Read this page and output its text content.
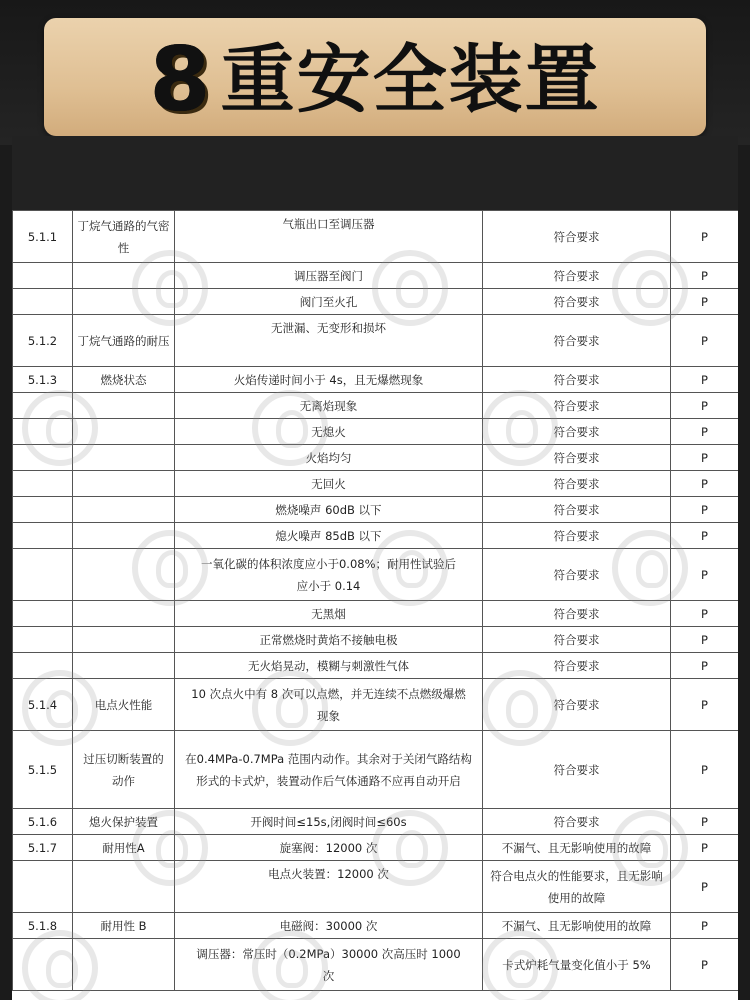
8 重安全装置
5.1.1	丁烷气通路的气密性	气瓶出口至调压器	符合要求	P
		调压器至阀门	符合要求	P
		阀门至火孔	符合要求	P
5.1.2	丁烷气通路的耐压	无泄漏、无变形和损坏	符合要求	P
5.1.3	燃烧状态	火焰传递时间小于 4s，且无爆燃现象	符合要求	P
		无离焰现象	符合要求	P
		无熄火	符合要求	P
		火焰均匀	符合要求	P
		无回火	符合要求	P
		燃烧噪声 60dB 以下	符合要求	P
		熄火噪声 85dB 以下	符合要求	P
		一氧化碳的体积浓度应小于0.08%；耐用性试验后应小于 0.14	符合要求	P
		无黑烟	符合要求	P
		正常燃烧时黄焰不接触电极	符合要求	P
		无火焰晃动，模糊与刺激性气体	符合要求	P
5.1.4	电点火性能	10 次点火中有 8 次可以点燃，并无连续不点燃级爆燃现象	符合要求	P
5.1.5	过压切断装置的动作	在0.4MPa-0.7MPa 范围内动作。其余对于关闭气路结构形式的卡式炉，装置动作后气体通路不应再自动开启	符合要求	P
5.1.6	熄火保护装置	开阀时间≤15s,闭阀时间≤60s	符合要求	P
5.1.7	耐用性A	旋塞阀：12000 次	不漏气、且无影响使用的故障	P
		电点火装置：12000 次	符合电点火的性能要求，且无影响使用的故障	P
5.1.8	耐用性 B	电磁阀：30000 次	不漏气、且无影响使用的故障	P
		调压器：常压时（0.2MPa）30000 次高压时 1000 次	卡式炉耗气量变化值小于 5%	P
